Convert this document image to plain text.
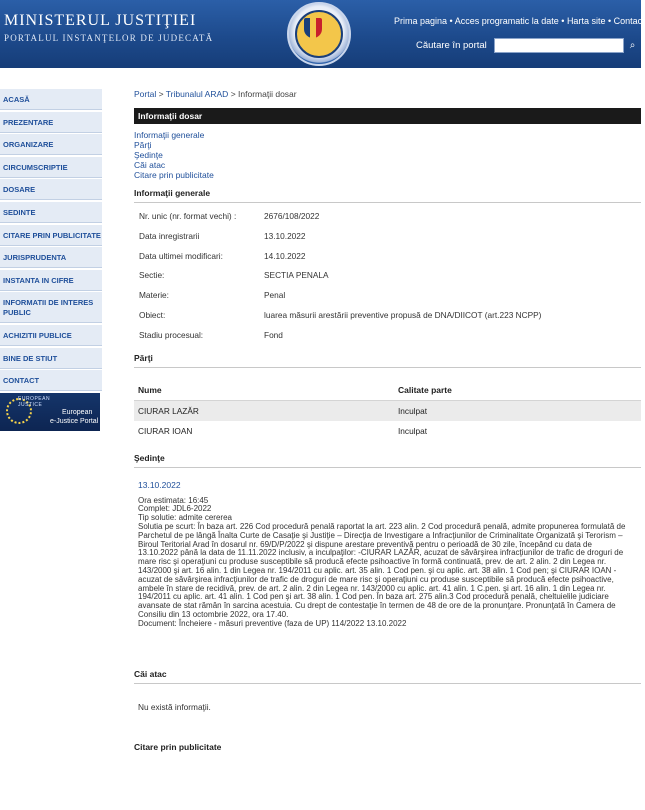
MINISTERUL JUSTIŢIEI
PORTALUL INSTANŢELOR DE JUDECATĂ
Prima pagina • Acces programatic la date • Harta site • Contact
Căutare în portal	⌕
ACASĂ
PREZENTARE
ORGANIZARE
CIRCUMSCRIPTIE
DOSARE
SEDINTE
CITARE PRIN PUBLICITATE
JURISPRUDENTA
INSTANTA IN CIFRE
INFORMATII DE INTERES PUBLIC
ACHIZITII PUBLICE
BINE DE STIUT
CONTACT
EUROPEAN
JUSTICE
European
e-Justice Portal
Portal > Tribunalul ARAD > Informaţii dosar
Informaţii dosar
Informaţii generale
Părţi
Şedinţe
Căi atac
Citare prin publicitate
Informaţii generale
Nr. unic (nr. format vechi) :	2676/108/2022
Data inregistrarii	13.10.2022
Data ultimei modificari:	14.10.2022
Sectie:	SECTIA PENALA
Materie:	Penal
Obiect:	luarea măsurii arestării preventive propusă de DNA/DIICOT (art.223 NCPP)
Stadiu procesual:	Fond
Părţi
Nume	Calitate parte
CIURAR LAZĂR	Inculpat
CIURAR IOAN	Inculpat
Şedinţe
13.10.2022

Ora estimata: 16:45

Complet: JDL6-2022

Tip solutie: admite cererea

Solutia pe scurt: În baza art. 226 Cod procedură penală raportat la art. 223 alin. 2 Cod procedură penală, admite propunerea formulată de Parchetul de pe lângă Înalta Curte de Casaţie şi Justiţie – Direcţia de Investigare a Infracţiunilor de Criminalitate Organizată şi Terorism – Biroul Teritorial Arad în dosarul nr. 69/D/P/2022 şi dispune arestare preventivă pentru o perioadă de 30 zile, începând cu data de 13.10.2022 până la data de 11.11.2022 inclusiv, a inculpaţilor: -CIURAR LAZĂR, acuzat de săvârşirea infracţiunilor de trafic de droguri de mare risc şi operaţiuni cu produse susceptibile să producă efecte psihoactive în formă continuată, prev. de art. 2 alin. 2 din Legea nr. 143/2000 şi art. 16 alin. 1 din Legea nr. 194/2011 cu aplic. art. 35 alin. 1 Cod pen. şi cu aplic. art. 38 alin. 1 Cod pen; şi CIURAR IOAN - acuzat de săvârşirea infracţiunilor de trafic de droguri de mare risc şi operaţiuni cu produse susceptibile să producă efecte psihoactive, ambele în stare de recidivă, prev. de art. 2 alin. 2 din Legea nr. 143/2000 cu aplic. art. 41 alin. 1 C.pen. şi art. 16 alin. 1 din Legea nr. 194/2011 cu aplic. art. 41 alin. 1 Cod pen şi art. 38 alin. 1 Cod pen. În baza art. 275 alin.3 Cod procedură penală, cheltuielile judiciare avansate de stat rămân în sarcina acestuia. Cu drept de contestaţie în termen de 48 de ore de la pronunţare. Pronunţată în Camera de Consiliu din 13 octombrie 2022, ora 17.40.

Document: Încheiere - măsuri preventive (faza de UP) 114/2022 13.10.2022

Căi atac
Nu există informaţii.
Citare prin publicitate
